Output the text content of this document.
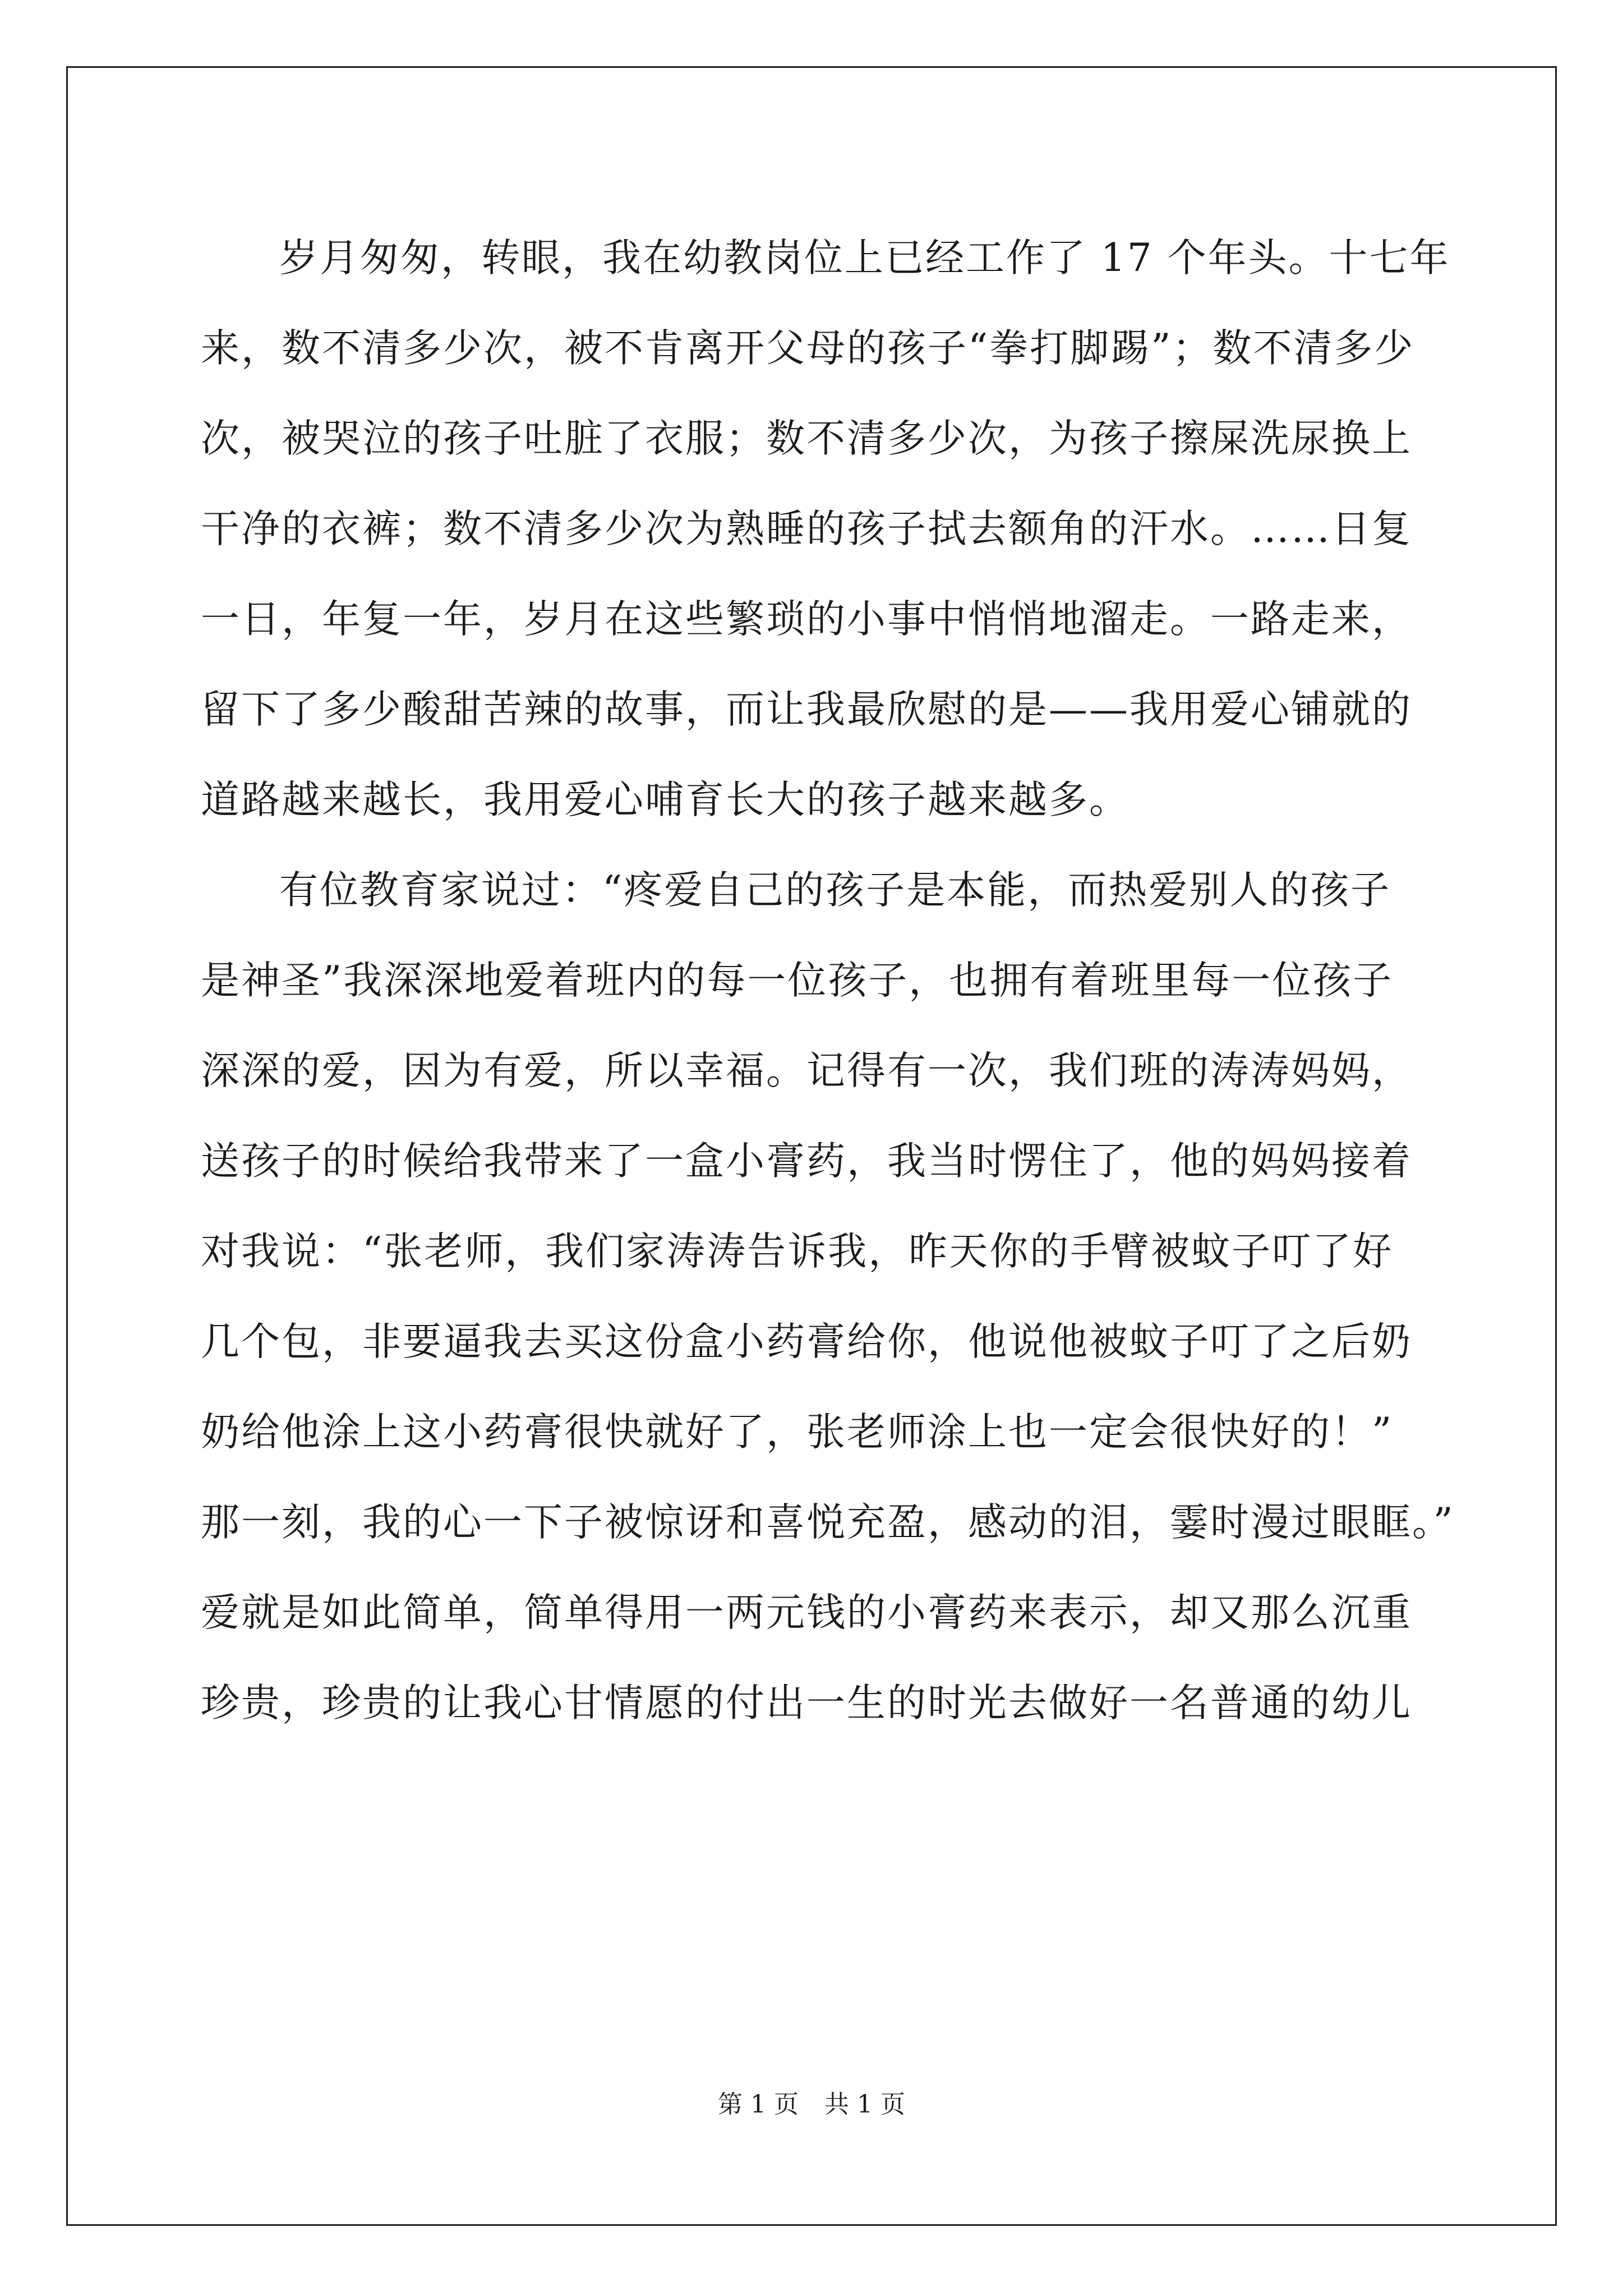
岁月匆匆，转眼，我在幼教岗位上已经工作了 17 个年头。十七年
来，数不清多少次，被不肯离开父母的孩子“拳打脚踢”；数不清多少
次，被哭泣的孩子吐脏了衣服；数不清多少次，为孩子擦屎洗尿换上
干净的衣裤；数不清多少次为熟睡的孩子拭去额角的汗水。……日复
一日，年复一年，岁月在这些繁琐的小事中悄悄地溜走。一路走来，
留下了多少酸甜苦辣的故事，而让我最欣慰的是——我用爱心铺就的
道路越来越长，我用爱心哺育长大的孩子越来越多。
有位教育家说过：“疼爱自己的孩子是本能，而热爱别人的孩子
是神圣”我深深地爱着班内的每一位孩子，也拥有着班里每一位孩子
深深的爱，因为有爱，所以幸福。记得有一次，我们班的涛涛妈妈，
送孩子的时候给我带来了一盒小膏药，我当时愣住了，他的妈妈接着
对我说：“张老师，我们家涛涛告诉我，昨天你的手臂被蚊子叮了好
几个包，非要逼我去买这份盒小药膏给你，他说他被蚊子叮了之后奶
奶给他涂上这小药膏很快就好了，张老师涂上也一定会很快好的！”
那一刻，我的心一下子被惊讶和喜悦充盈，感动的泪，霎时漫过眼眶。”
爱就是如此简单，简单得用一两元钱的小膏药来表示，却又那么沉重
珍贵，珍贵的让我心甘情愿的付出一生的时光去做好一名普通的幼儿
第 1 页 共 1 页
